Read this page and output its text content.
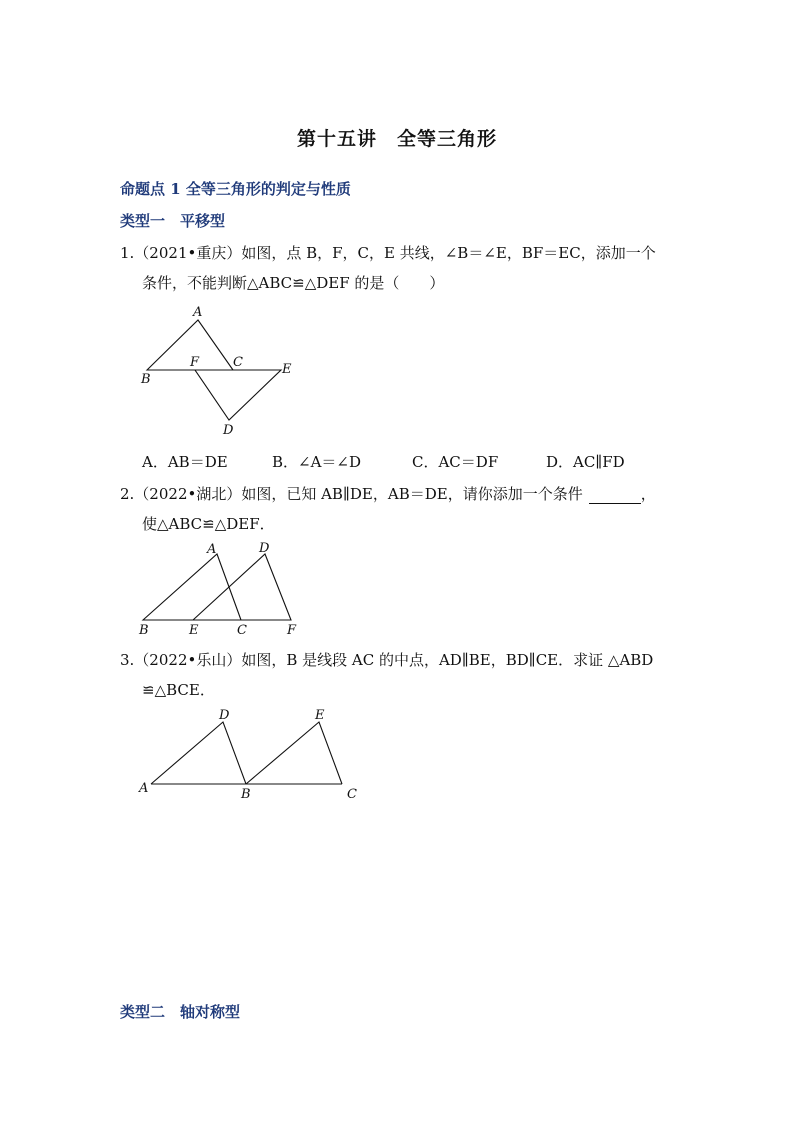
第十五讲　全等三角形
命题点 1 全等三角形的判定与性质
类型一　平移型
1.（2021•重庆）如图，点 B，F，C，E 共线，∠B＝∠E，BF＝EC，添加一个
条件，不能判断△ABC≌△DEF 的是（　　）
A
B
F	C	E
D
A．AB＝DE	B．∠A＝∠D	C．AC＝DF	D．AC∥FD
2.（2022•湖北）如图，已知 AB∥DE，AB＝DE，请你添加一个条件	，
使△ABC≌△DEF．
A	D
B	E	C	F
3.（2022•乐山）如图，B 是线段 AC 的中点，AD∥BE，BD∥CE．求证 △ABD
≌△BCE．
D	E
A	B	C
类型二　轴对称型
